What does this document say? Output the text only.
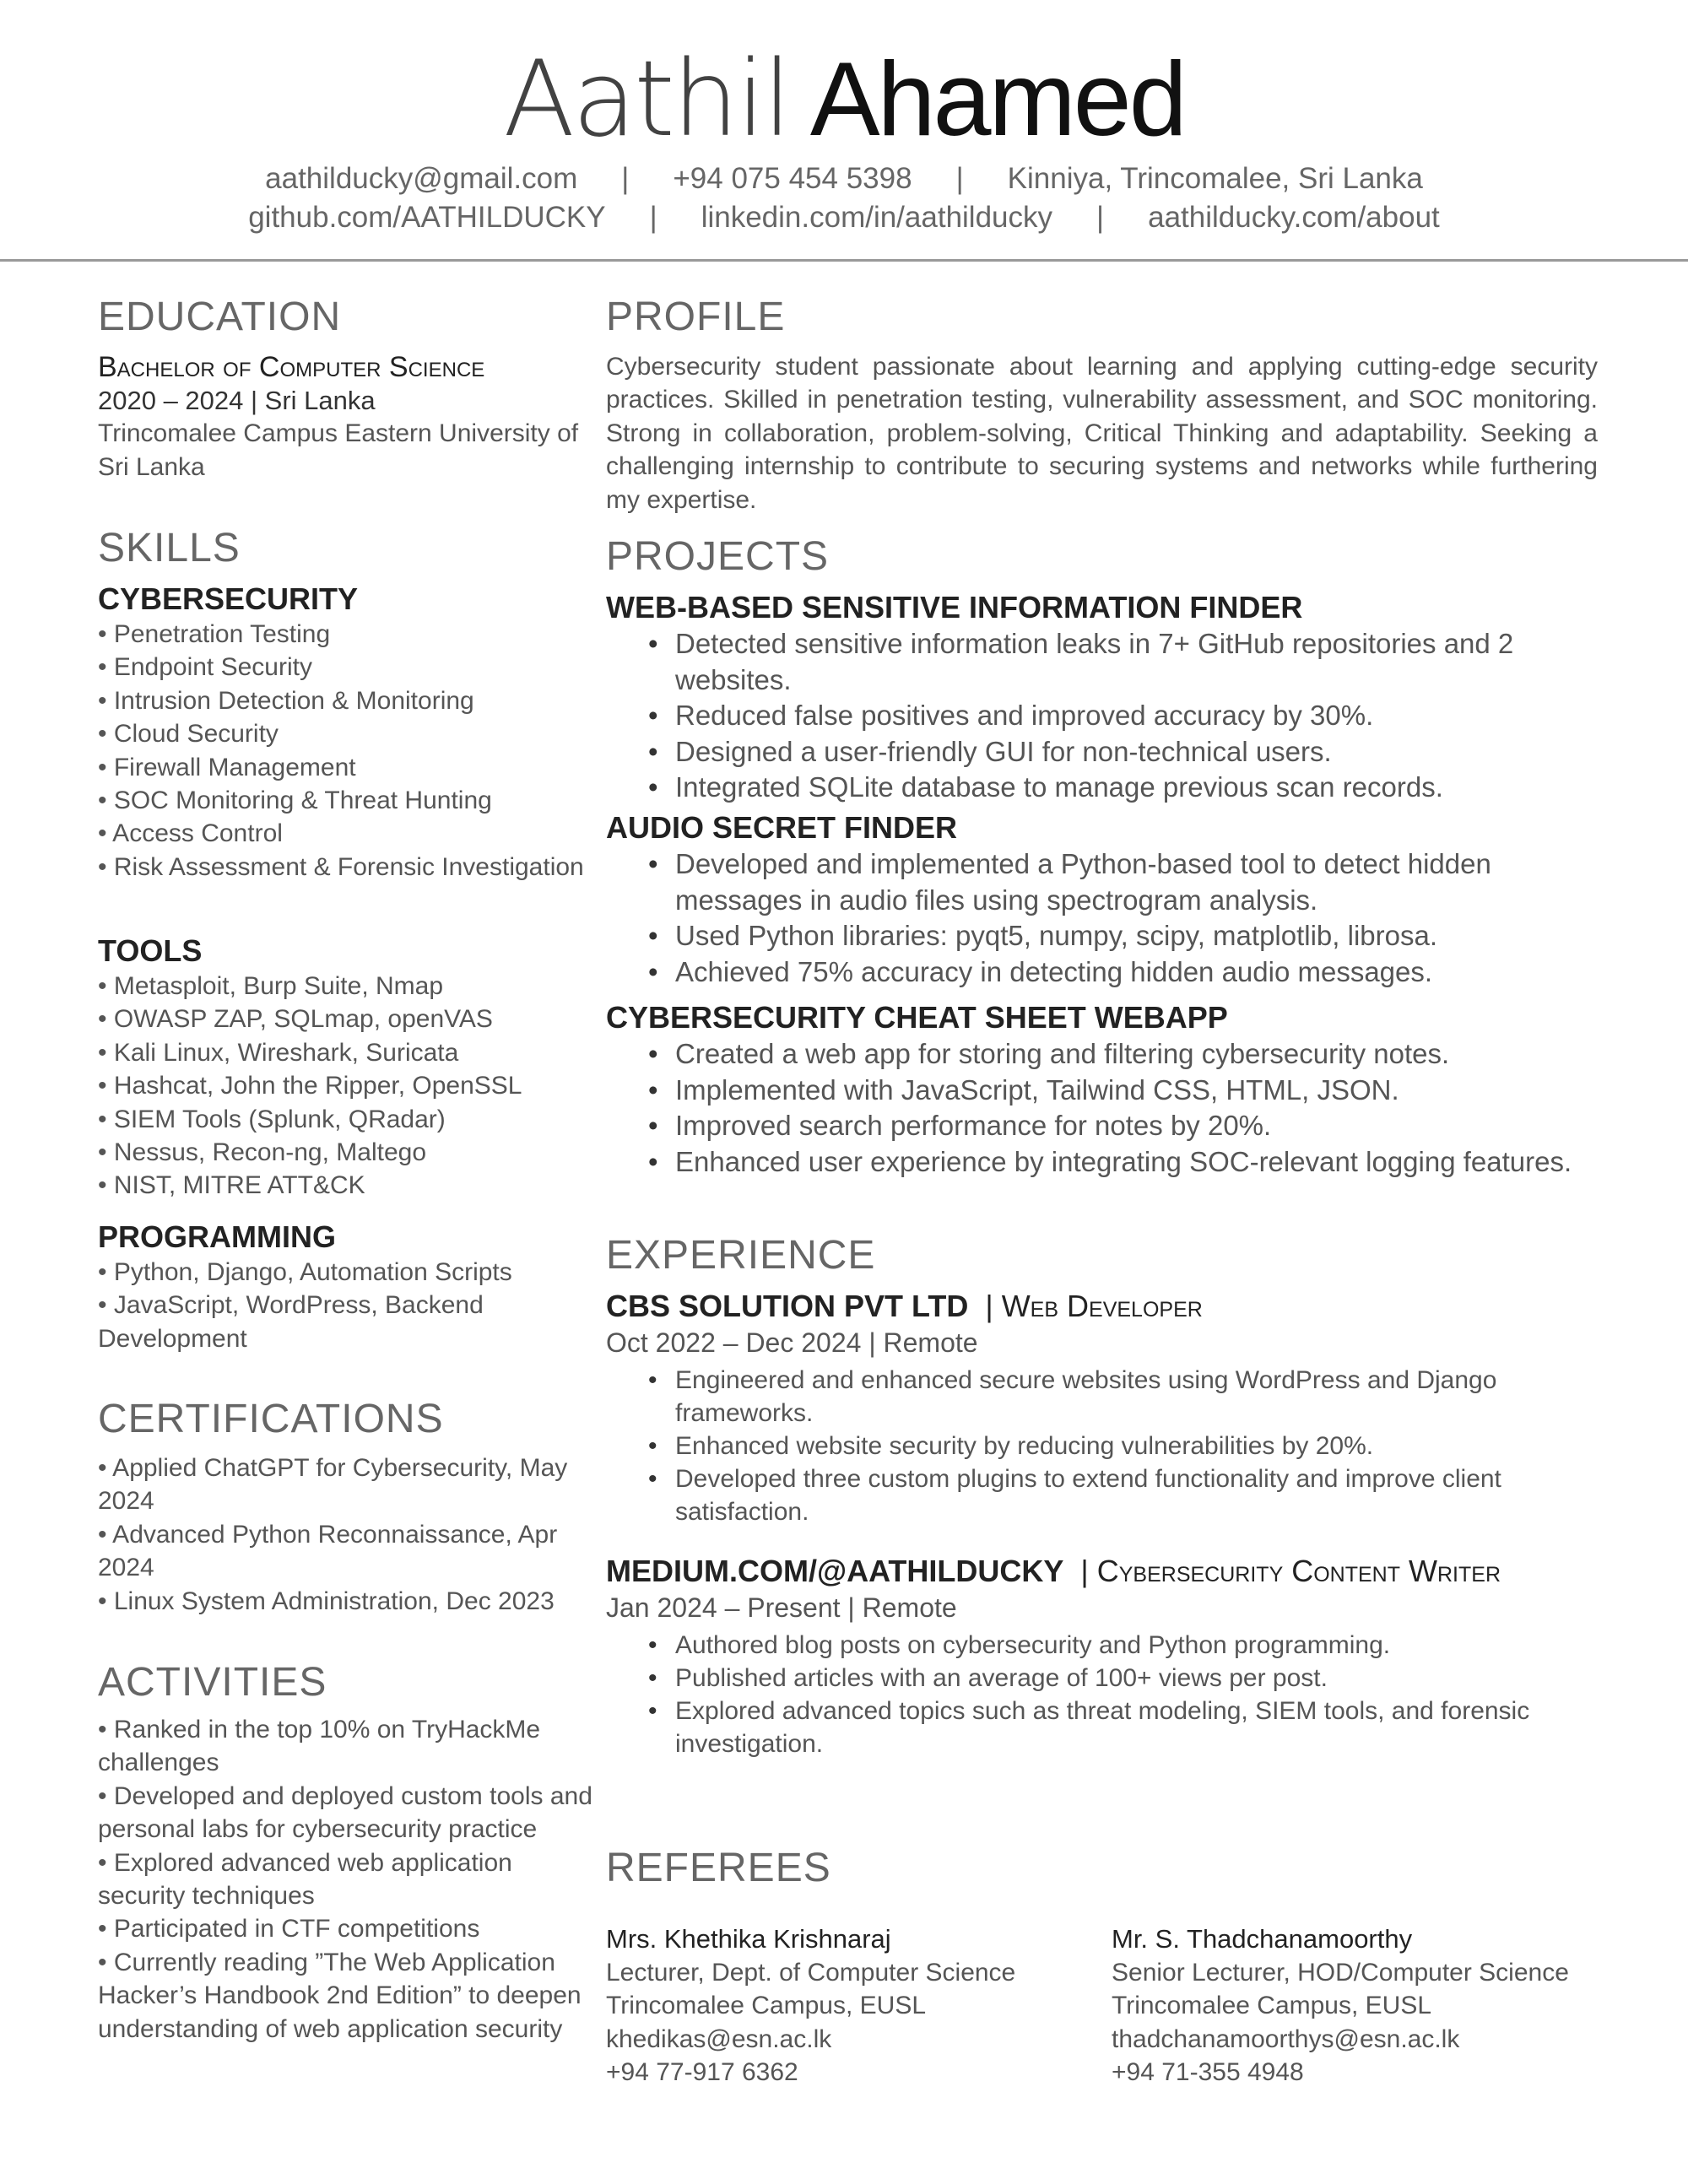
Aathil Ahamed
aathilducky@gmail.com | +94 075 454 5398 | Kinniya, Trincomalee, Sri Lanka
github.com/AATHILDUCKY | linkedin.com/in/aathilducky | aathilducky.com/about
EDUCATION
Bachelor of Computer Science
2020 – 2024 | Sri Lanka
Trincomalee Campus Eastern University of Sri Lanka
SKILLS
CYBERSECURITY
• Penetration Testing
• Endpoint Security
• Intrusion Detection & Monitoring
• Cloud Security
• Firewall Management
• SOC Monitoring & Threat Hunting
• Access Control
• Risk Assessment & Forensic Investigation
TOOLS
• Metasploit, Burp Suite, Nmap
• OWASP ZAP, SQLmap, openVAS
• Kali Linux, Wireshark, Suricata
• Hashcat, John the Ripper, OpenSSL
• SIEM Tools (Splunk, QRadar)
• Nessus, Recon-ng, Maltego
• NIST, MITRE ATT&CK
PROGRAMMING
• Python, Django, Automation Scripts
• JavaScript, WordPress, Backend Development
CERTIFICATIONS
• Applied ChatGPT for Cybersecurity, May 2024
• Advanced Python Reconnaissance, Apr 2024
• Linux System Administration, Dec 2023
ACTIVITIES
• Ranked in the top 10% on TryHackMe challenges
• Developed and deployed custom tools and personal labs for cybersecurity practice
• Explored advanced web application security techniques
• Participated in CTF competitions
• Currently reading ”The Web Application Hacker’s Handbook 2nd Edition” to deepen understanding of web application security
PROFILE
Cybersecurity student passionate about learning and applying cutting-edge security practices. Skilled in penetration testing, vulnerability assessment, and SOC monitoring. Strong in collaboration, problem-solving, Critical Thinking and adaptability. Seeking a challenging internship to contribute to securing systems and networks while furthering my expertise.
PROJECTS
WEB-BASED SENSITIVE INFORMATION FINDER
• Detected sensitive information leaks in 7+ GitHub repositories and 2 websites.
• Reduced false positives and improved accuracy by 30%.
• Designed a user-friendly GUI for non-technical users.
• Integrated SQLite database to manage previous scan records.
AUDIO SECRET FINDER
• Developed and implemented a Python-based tool to detect hidden messages in audio files using spectrogram analysis.
• Used Python libraries: pyqt5, numpy, scipy, matplotlib, librosa.
• Achieved 75% accuracy in detecting hidden audio messages.
CYBERSECURITY CHEAT SHEET WEBAPP
• Created a web app for storing and filtering cybersecurity notes.
• Implemented with JavaScript, Tailwind CSS, HTML, JSON.
• Improved search performance for notes by 20%.
• Enhanced user experience by integrating SOC-relevant logging features.
EXPERIENCE
CBS SOLUTION PVT LTD | Web Developer
Oct 2022 – Dec 2024 | Remote
• Engineered and enhanced secure websites using WordPress and Django frameworks.
• Enhanced website security by reducing vulnerabilities by 20%.
• Developed three custom plugins to extend functionality and improve client satisfaction.
MEDIUM.COM/@AATHILDUCKY | Cybersecurity Content Writer
Jan 2024 – Present | Remote
• Authored blog posts on cybersecurity and Python programming.
• Published articles with an average of 100+ views per post.
• Explored advanced topics such as threat modeling, SIEM tools, and forensic investigation.
REFEREES
Mrs. Khethika Krishnaraj
Lecturer, Dept. of Computer Science
Trincomalee Campus, EUSL
khedikas@esn.ac.lk
+94 77-917 6362
Mr. S. Thadchanamoorthy
Senior Lecturer, HOD/Computer Science
Trincomalee Campus, EUSL
thadchanamoorthys@esn.ac.lk
+94 71-355 4948
